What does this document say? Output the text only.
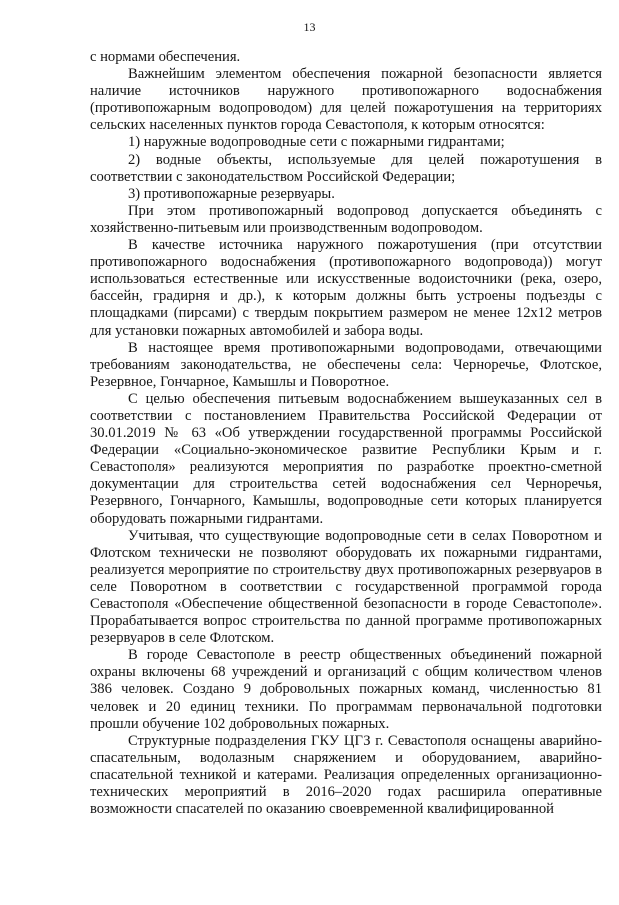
13

с нормами обеспечения.

Важнейшим элементом обеспечения пожарной безопасности является наличие источников наружного противопожарного водоснабжения (противопожарным водопроводом) для целей пожаротушения на территориях сельских населенных пунктов города Севастополя, к которым относятся:

1) наружные водопроводные сети с пожарными гидрантами;

2) водные объекты, используемые для целей пожаротушения в соответствии с законодательством Российской Федерации;

3) противопожарные резервуары.

При этом противопожарный водопровод допускается объединять с хозяйственно-питьевым или производственным водопроводом.

В качестве источника наружного пожаротушения (при отсутствии противопожарного водоснабжения (противопожарного водопровода)) могут использоваться естественные или искусственные водоисточники (река, озеро, бассейн, градирня и др.), к которым должны быть устроены подъезды с площадками (пирсами) с твердым покрытием размером не менее 12х12 метров для установки пожарных автомобилей и забора воды.

В настоящее время противопожарными водопроводами, отвечающими требованиям законодательства, не обеспечены села: Черноречье, Флотское, Резервное, Гончарное, Камышлы и Поворотное.

С целью обеспечения питьевым водоснабжением вышеуказанных сел в соответствии с постановлением Правительства Российской Федерации от 30.01.2019 № 63 «Об утверждении государственной программы Российской Федерации «Социально-экономическое развитие Республики Крым и г. Севастополя» реализуются мероприятия по разработке проектно-сметной документации для строительства сетей водоснабжения сел Черноречья, Резервного, Гончарного, Камышлы, водопроводные сети которых планируется оборудовать пожарными гидрантами.

Учитывая, что существующие водопроводные сети в селах Поворотном и Флотском технически не позволяют оборудовать их пожарными гидрантами, реализуется мероприятие по строительству двух противопожарных резервуаров в селе Поворотном в соответствии с государственной программой города Севастополя «Обеспечение общественной безопасности в городе Севастополе». Прорабатывается вопрос строительства по данной программе противопожарных резервуаров в селе Флотском.

В городе Севастополе в реестр общественных объединений пожарной охраны включены 68 учреждений и организаций с общим количеством членов 386 человек. Создано 9 добровольных пожарных команд, численностью 81 человек и 20 единиц техники. По программам первоначальной подготовки прошли обучение 102 добровольных пожарных.

Структурные подразделения ГКУ ЦГЗ г. Севастополя оснащены аварийно-спасательным, водолазным снаряжением и оборудованием, аварийно-спасательной техникой и катерами. Реализация определенных организационно-технических мероприятий в 2016–2020 годах расширила оперативные возможности спасателей по оказанию своевременной квалифицированной
